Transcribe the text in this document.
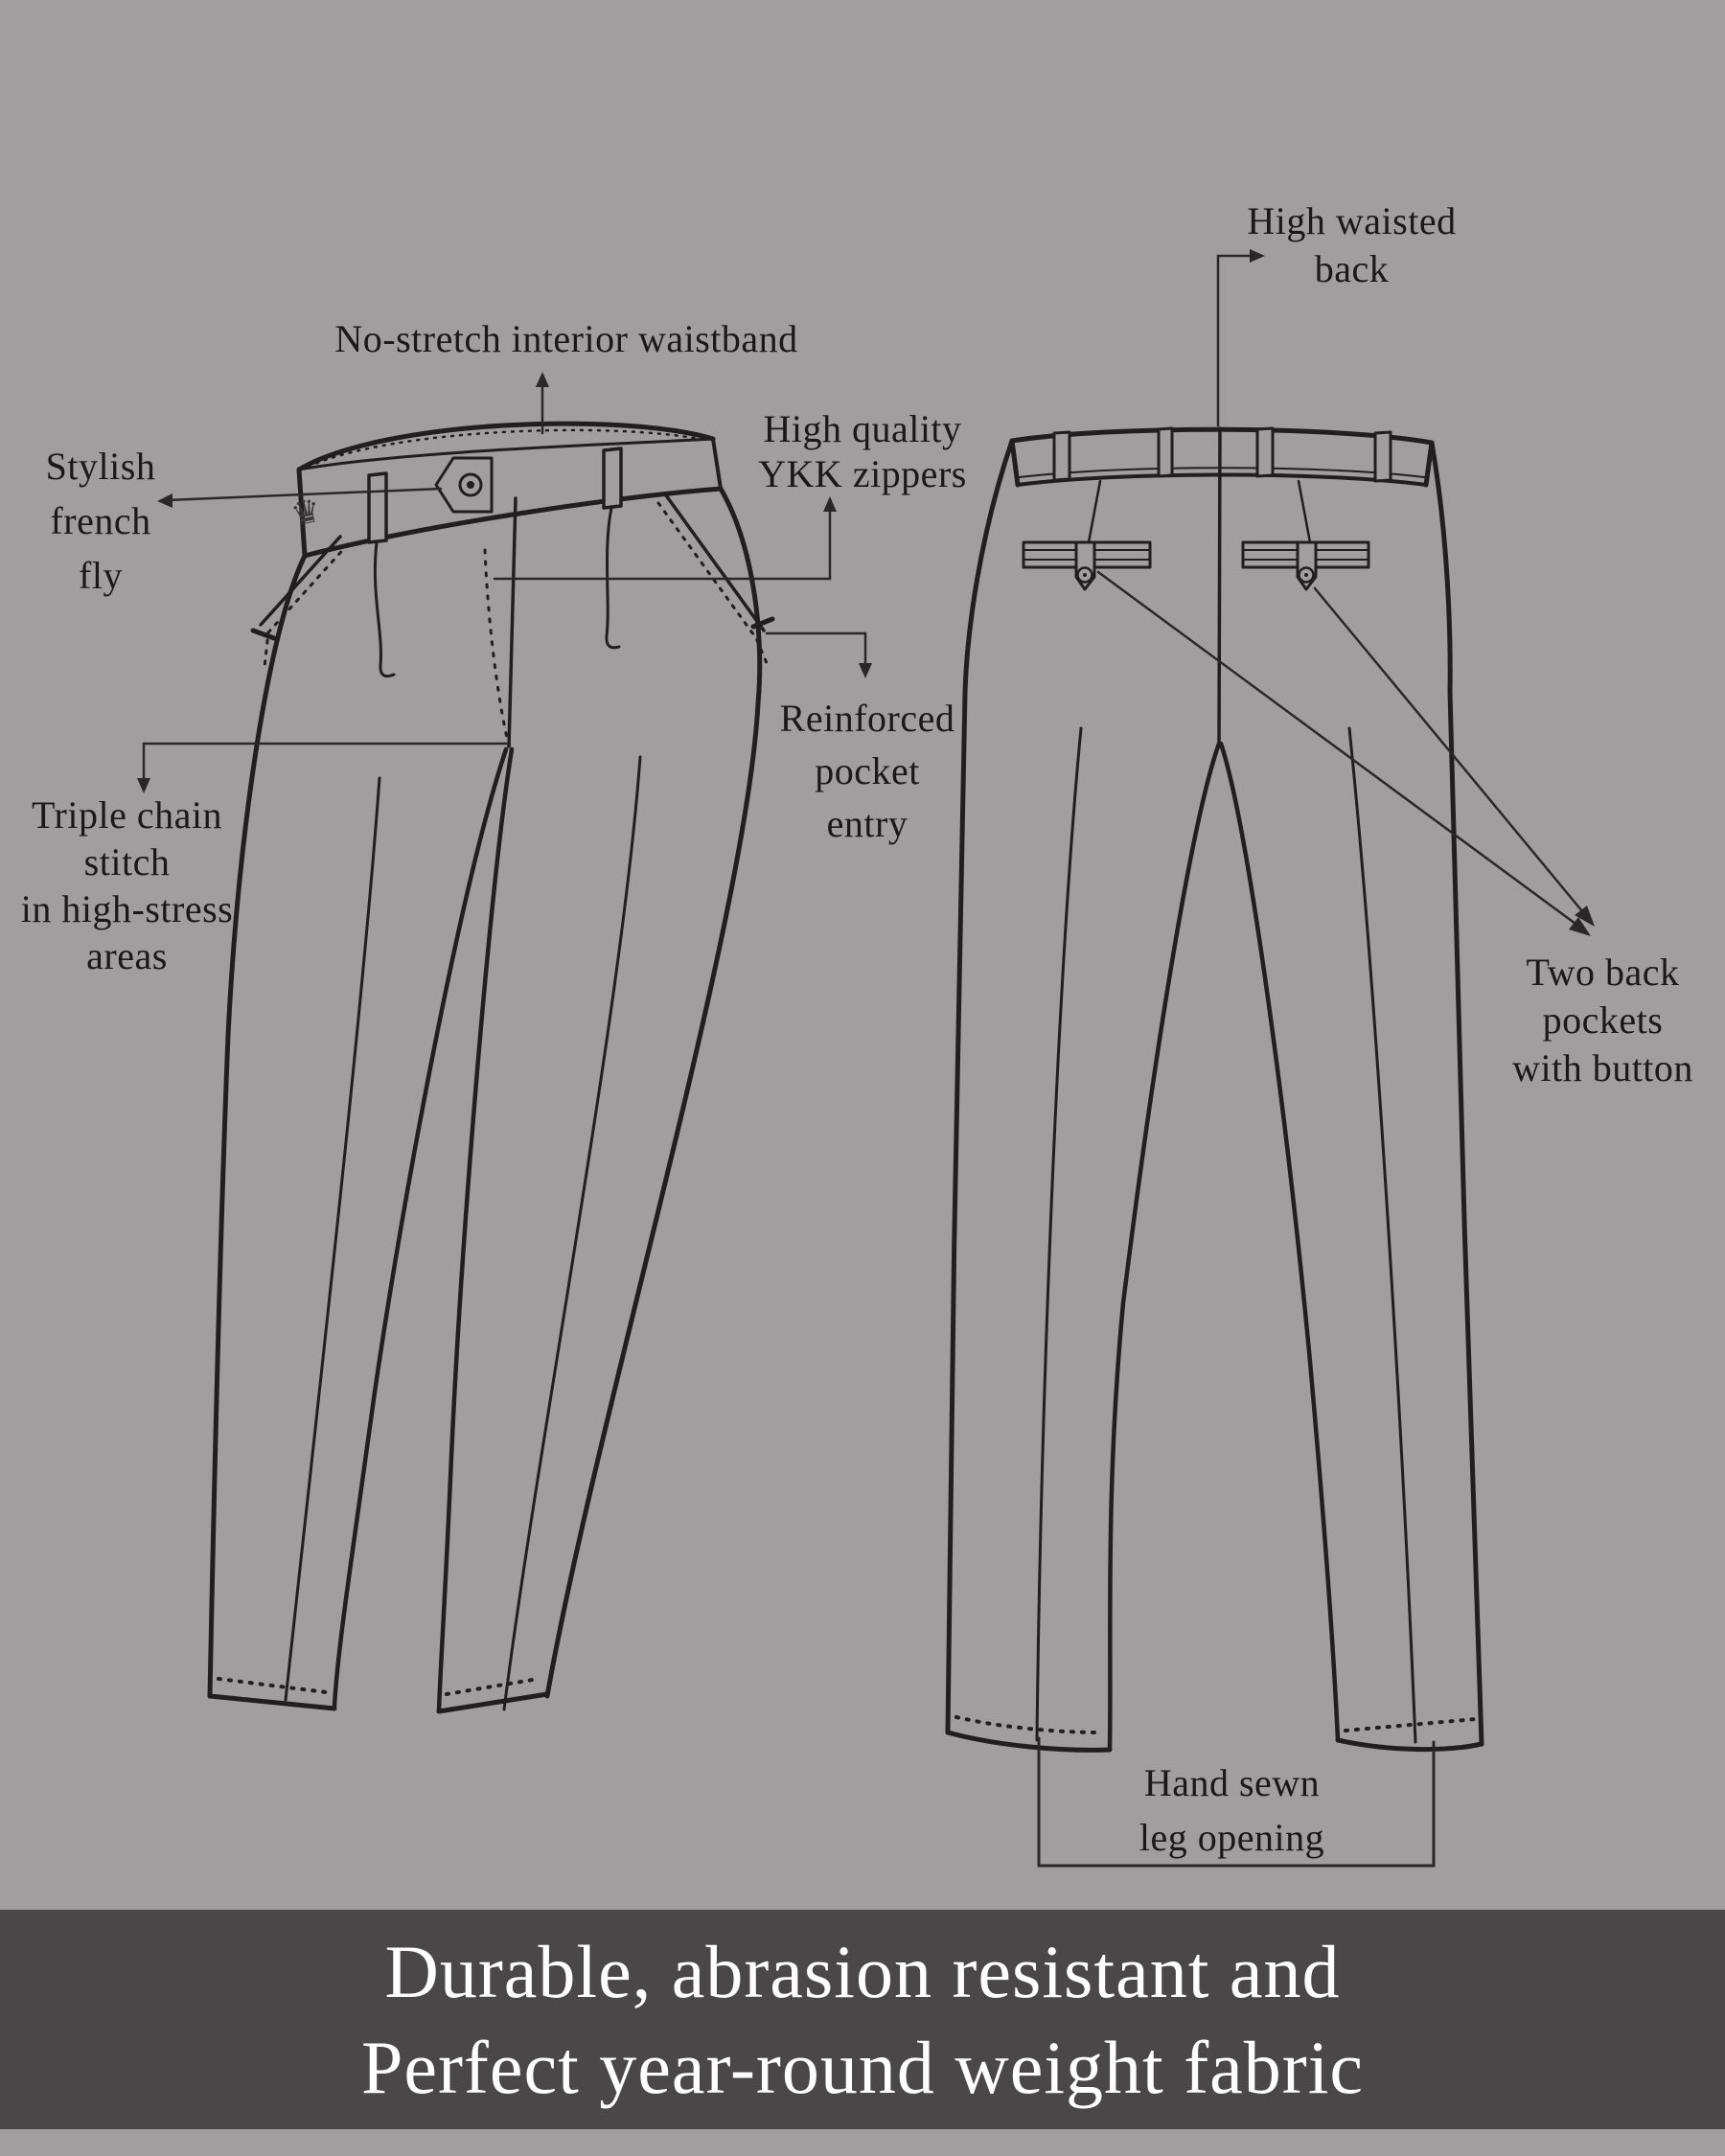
♛
No-stretch interior waistband
Stylish
french
fly
High quality
YKK zippers
Reinforced
pocket
entry
Triple chain
stitch
in high-stress
areas
High waisted
back
Two back
pockets
with button
Hand sewn
leg opening
Durable, abrasion resistant and
Perfect year-round weight fabric
